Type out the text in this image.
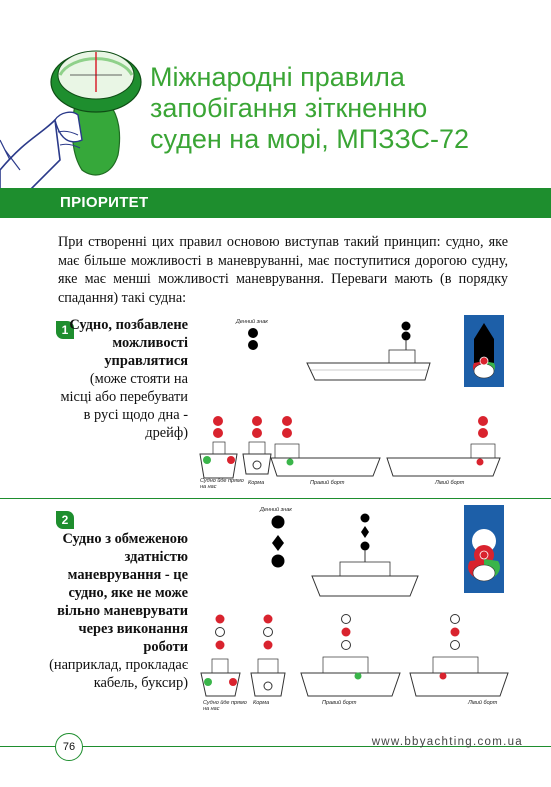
Міжнародні правила
запобігання зіткненню
суден на морі, МПЗЗС-72
ПРІОРИТЕТ
При створенні цих правил основою виступав такий принцип: судно, яке має більше можливості в маневруванні, має поступитися дорогою судну, яке має менші можливості маневрування. Переваги мають (в порядку спадання) такі судна:
1 Судно, позбавлене можливості управлятися
(може стояти на місці або перебувати в русі щодо дна - дрейф)
Денний знак
Судно йде прямо на нас
Корма	Правий борт	Лівий борт
2
Судно з обмеженою здатністю маневрування - це судно, яке не може вільно маневрувати через виконання роботи
(наприклад, прокладає кабель, буксир)
Денний знак
Судно йде прямо на нас
Корма	Правий борт	Лівий борт
76	www.bbyachting.com.ua
